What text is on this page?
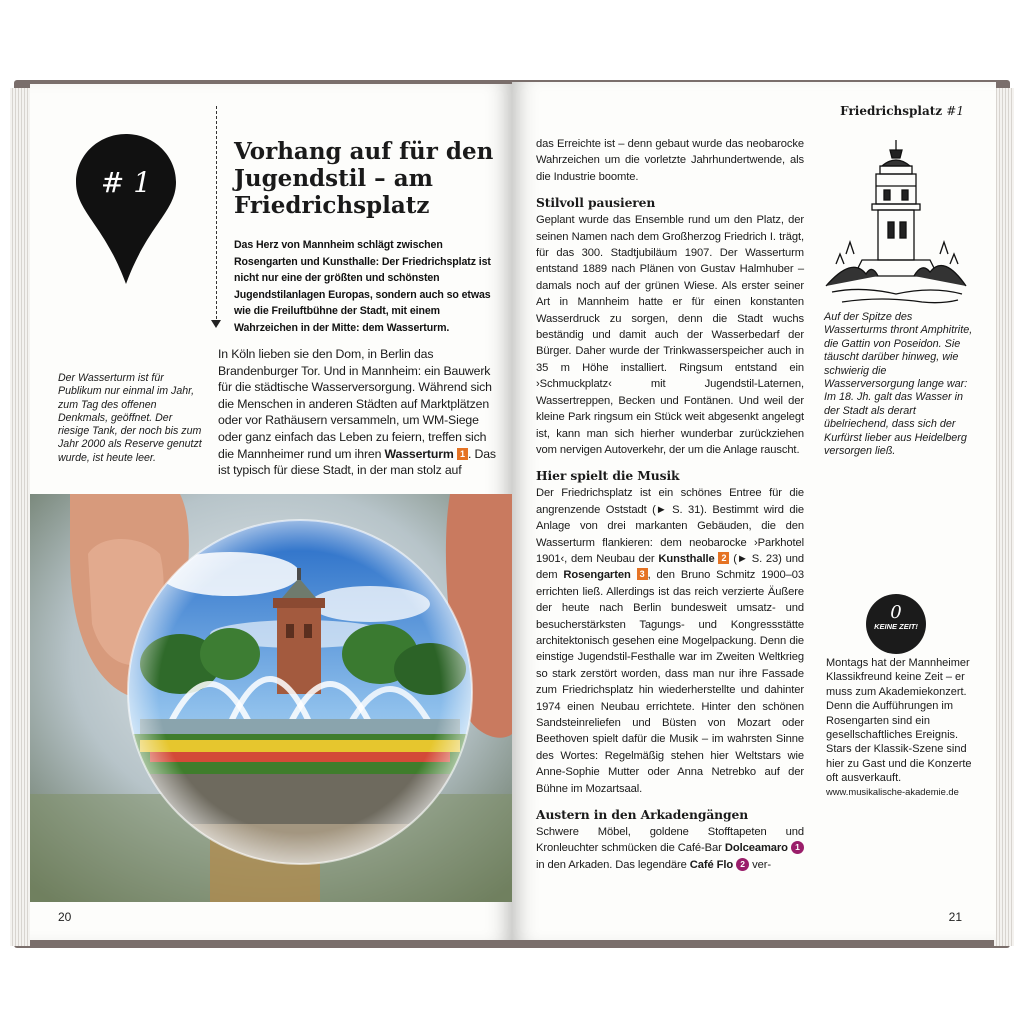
# 1
Vorhang auf für den Jugendstil – am Friedrichsplatz

Das Herz von Mannheim schlägt zwischen Rosengarten und Kunsthalle: Der Friedrichsplatz ist nicht nur eine der größten und schönsten Jugendstilanlagen Europas, sondern auch so etwas wie die Freiluftbühne der Stadt, mit einem Wahrzeichen in der Mitte: dem Wasserturm.

In Köln lieben sie den Dom, in Berlin das Brandenburger Tor. Und in Mannheim: ein Bauwerk für die städtische Wasserversorgung. Während sich die Menschen in anderen Städten auf Marktplätzen oder vor Rathäusern versammeln, um WM-Siege oder ganz einfach das Leben zu feiern, treffen sich die Mannheimer rund um ihren Wasserturm 1 . Das ist typisch für diese Stadt, in der man stolz auf

Der Wasserturm ist für Publikum nur einmal im Jahr, zum Tag des offenen Denkmals, geöffnet. Der riesige Tank, der noch bis zum Jahr 2000 als Reserve genutzt wurde, ist heute leer.

20
Friedrichsplatz #1

das Erreichte ist – denn gebaut wurde das neobarocke Wahrzeichen um die vorletzte Jahrhundertwende, als die Industrie boomte.

Stilvoll pausieren

Geplant wurde das Ensemble rund um den Platz, der seinen Namen nach dem Großherzog Friedrich I. trägt, für das 300. Stadtjubiläum 1907. Der Wasserturm entstand 1889 nach Plänen von Gustav Halmhuber – damals noch auf der grünen Wiese. Als erster seiner Art in Mannheim hatte er für einen konstanten Wasserdruck zu sorgen, denn die Stadt wuchs beständig und damit auch der Wasserbedarf der Bürger. Daher wurde der Trinkwasserspeicher auch in 35 m Höhe installiert. Ringsum entstand ein ›Schmuckplatz‹ mit Jugendstil-Laternen, Wassertreppen, Becken und Fontänen. Und weil der kleine Park ringsum ein Stück weit abgesenkt angelegt ist, kann man sich hierher wunderbar zurückziehen vom nervigen Autoverkehr, der um die Anlage rauscht.

Hier spielt die Musik

Der Friedrichsplatz ist ein schönes Entree für die angrenzende Oststadt (► S. 31). Bestimmt wird die Anlage von drei markanten Gebäuden, die den Wasserturm flankieren: dem neobarocke ›Parkhotel 1901‹, dem Neubau der Kunsthalle 2 (► S. 23) und dem Rosengarten 3 , den Bruno Schmitz 1900–03 errichten ließ. Allerdings ist das reich verzierte Äußere der heute nach Berlin bundesweit umsatz- und besucherstärksten Tagungs- und Kongressstätte architektonisch gesehen eine Mogelpackung. Denn die einstige Jugendstil-Festhalle war im Zweiten Weltkrieg so stark zerstört worden, dass man nur ihre Fassade zum Friedrichsplatz hin wiederherstellte und dahinter 1974 einen Neubau errichtete. Hinter den schönen Sandsteinreliefen und Büsten von Mozart oder Beethoven spielt dafür die Musik – im wahrsten Sinne des Wortes: Regelmäßig stehen hier Weltstars wie Anne-Sophie Mutter oder Anna Netrebko auf der Bühne im Mozartsaal.

Austern in den Arkadengängen

Schwere Möbel, goldene Stofftapeten und Kronleuchter schmücken die Café-Bar Dolceamaro 1 in den Arkaden. Das legendäre Café Flo 2 ver-

Auf der Spitze des Wasserturms thront Amphitrite, die Gattin von Poseidon. Sie täuscht darüber hinweg, wie schwierig die Wasserversorgung lange war: Im 18. Jh. galt das Wasser in der Stadt als derart übelriechend, dass sich der Kurfürst lieber aus Heidelberg versorgen ließ.

0
KEINE ZEIT!

Montags hat der Mannheimer Klassikfreund keine Zeit – er muss zum Akademiekonzert. Denn die Aufführungen im Rosengarten sind ein gesellschaftliches Ereignis. Stars der Klassik-Szene sind hier zu Gast und die Konzerte oft ausverkauft.

www.musikalische-akademie.de
21
